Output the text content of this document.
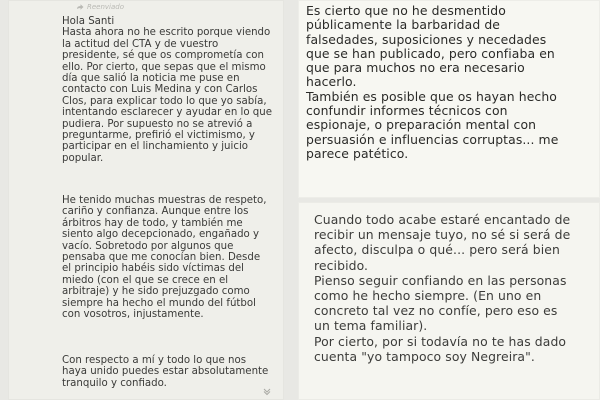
Reenviado
Hola Santi
Hasta ahora no he escrito porque viendo
la actitud del CTA y de vuestro
presidente, sé que os comprometía con
ello. Por cierto, que sepas que el mismo
día que salió la noticia me puse en
contacto con Luis Medina y con Carlos
Clos, para explicar todo lo que yo sabía,
intentando esclarecer y ayudar en lo que
pudiera. Por supuesto no se atrevió a
preguntarme, prefirió el victimismo, y
participar en el linchamiento y juicio
popular.
He tenido muchas muestras de respeto,
cariño y confianza. Aunque entre los
árbitros hay de todo, y también me
siento algo decepcionado, engañado y
vacío. Sobretodo por algunos que
pensaba que me conocían bien. Desde
el principio habéis sido víctimas del
miedo (con el que se crece en el
arbitraje) y he sido prejuzgado como
siempre ha hecho el mundo del fútbol
con vosotros, injustamente.
Con respecto a mí y todo lo que nos
haya unido puedes estar absolutamente
tranquilo y confiado.
Es cierto que no he desmentido
públicamente la barbaridad de
falsedades, suposiciones y necedades
que se han publicado, pero confiaba en
que para muchos no era necesario
hacerlo.
También es posible que os hayan hecho
confundir informes técnicos con
espionaje, o preparación mental con
persuasión e influencias corruptas... me
parece patético.
Cuando todo acabe estaré encantado de
recibir un mensaje tuyo, no sé si será de
afecto, disculpa o qué... pero será bien
recibido.
Pienso seguir confiando en las personas
como he hecho siempre. (En uno en
concreto tal vez no confíe, pero eso es
un tema familiar).
Por cierto, por si todavía no te has dado
cuenta "yo tampoco soy Negreira".
